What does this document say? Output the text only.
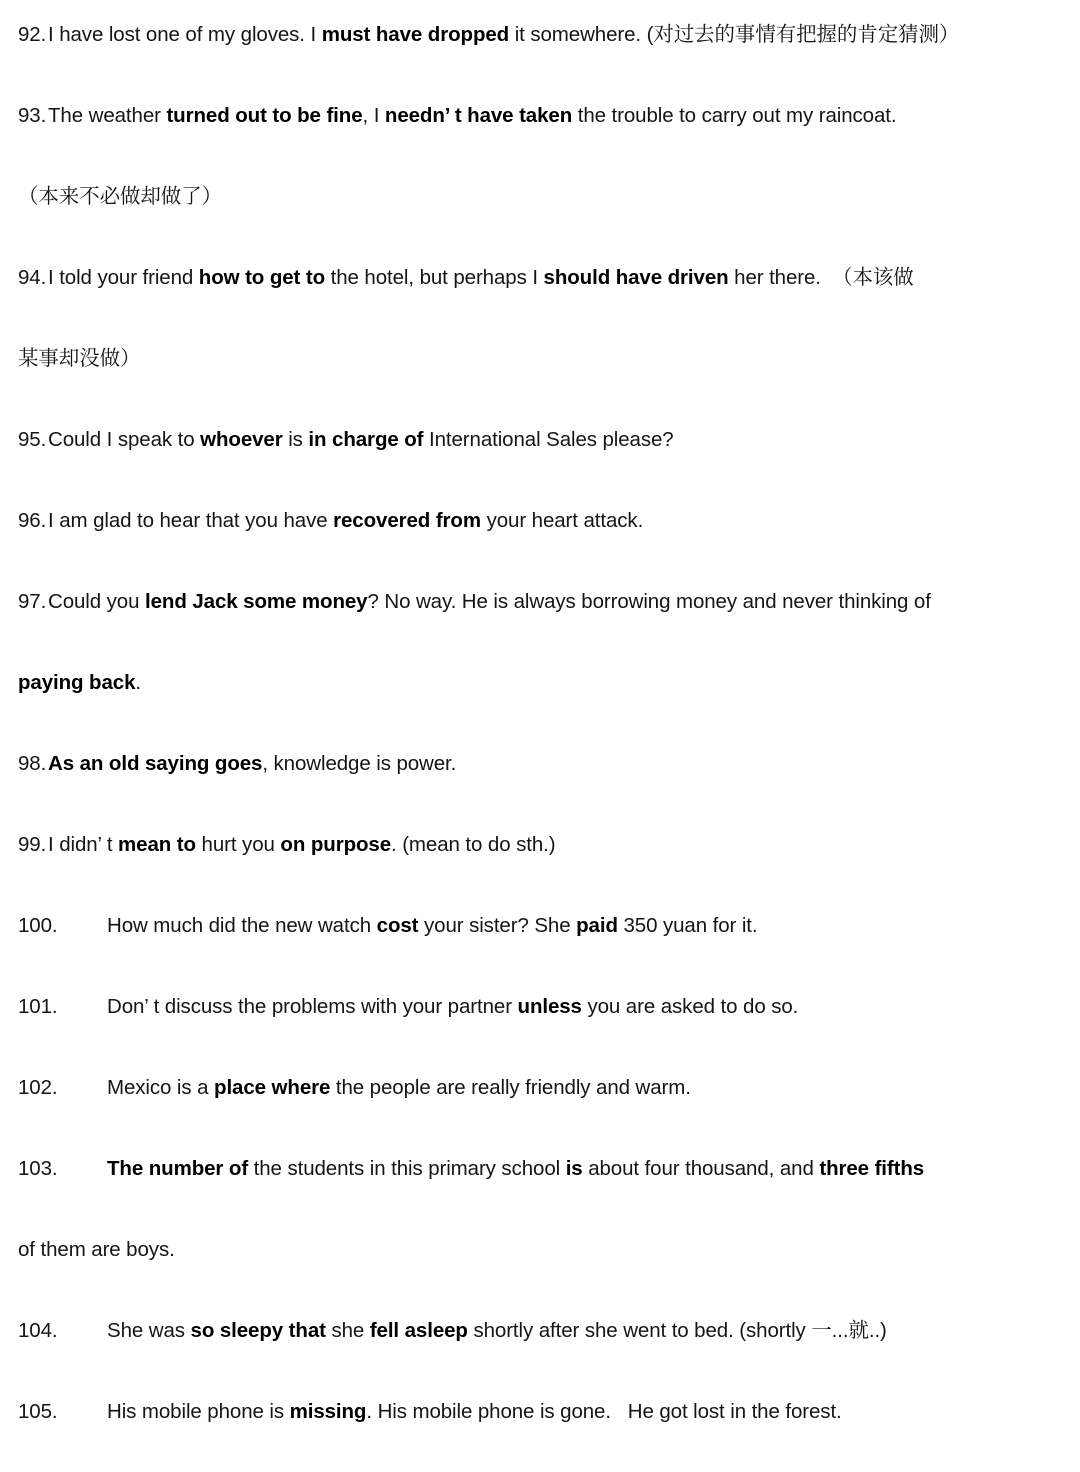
92.I have lost one of my gloves. I must have dropped it somewhere. (对过去的事情有把握的肯定猜测）
93.The weather turned out to be fine, I needn’ t have taken the trouble to carry out my raincoat.
（本来不必做却做了）
94.I told your friend how to get to the hotel, but perhaps I should have driven her there.  （本该做
某事却没做）
95.Could I speak to whoever is in charge of International Sales please?
96.I am glad to hear that you have recovered from your heart attack.
97.Could you lend Jack some money? No way. He is always borrowing money and never thinking of
paying back.
98.As an old saying goes, knowledge is power.
99.I didn’ t mean to hurt you on purpose. (mean to do sth.)
100. How much did the new watch cost your sister? She paid 350 yuan for it.
101. Don’ t discuss the problems with your partner unless you are asked to do so.
102. Mexico is a place where the people are really friendly and warm.
103. The number of the students in this primary school is about four thousand, and three fifths
of them are boys.
104. She was so sleepy that she fell asleep shortly after she went to bed. (shortly 一...就..)
105. His mobile phone is missing. His mobile phone is gone.   He got lost in the forest.
